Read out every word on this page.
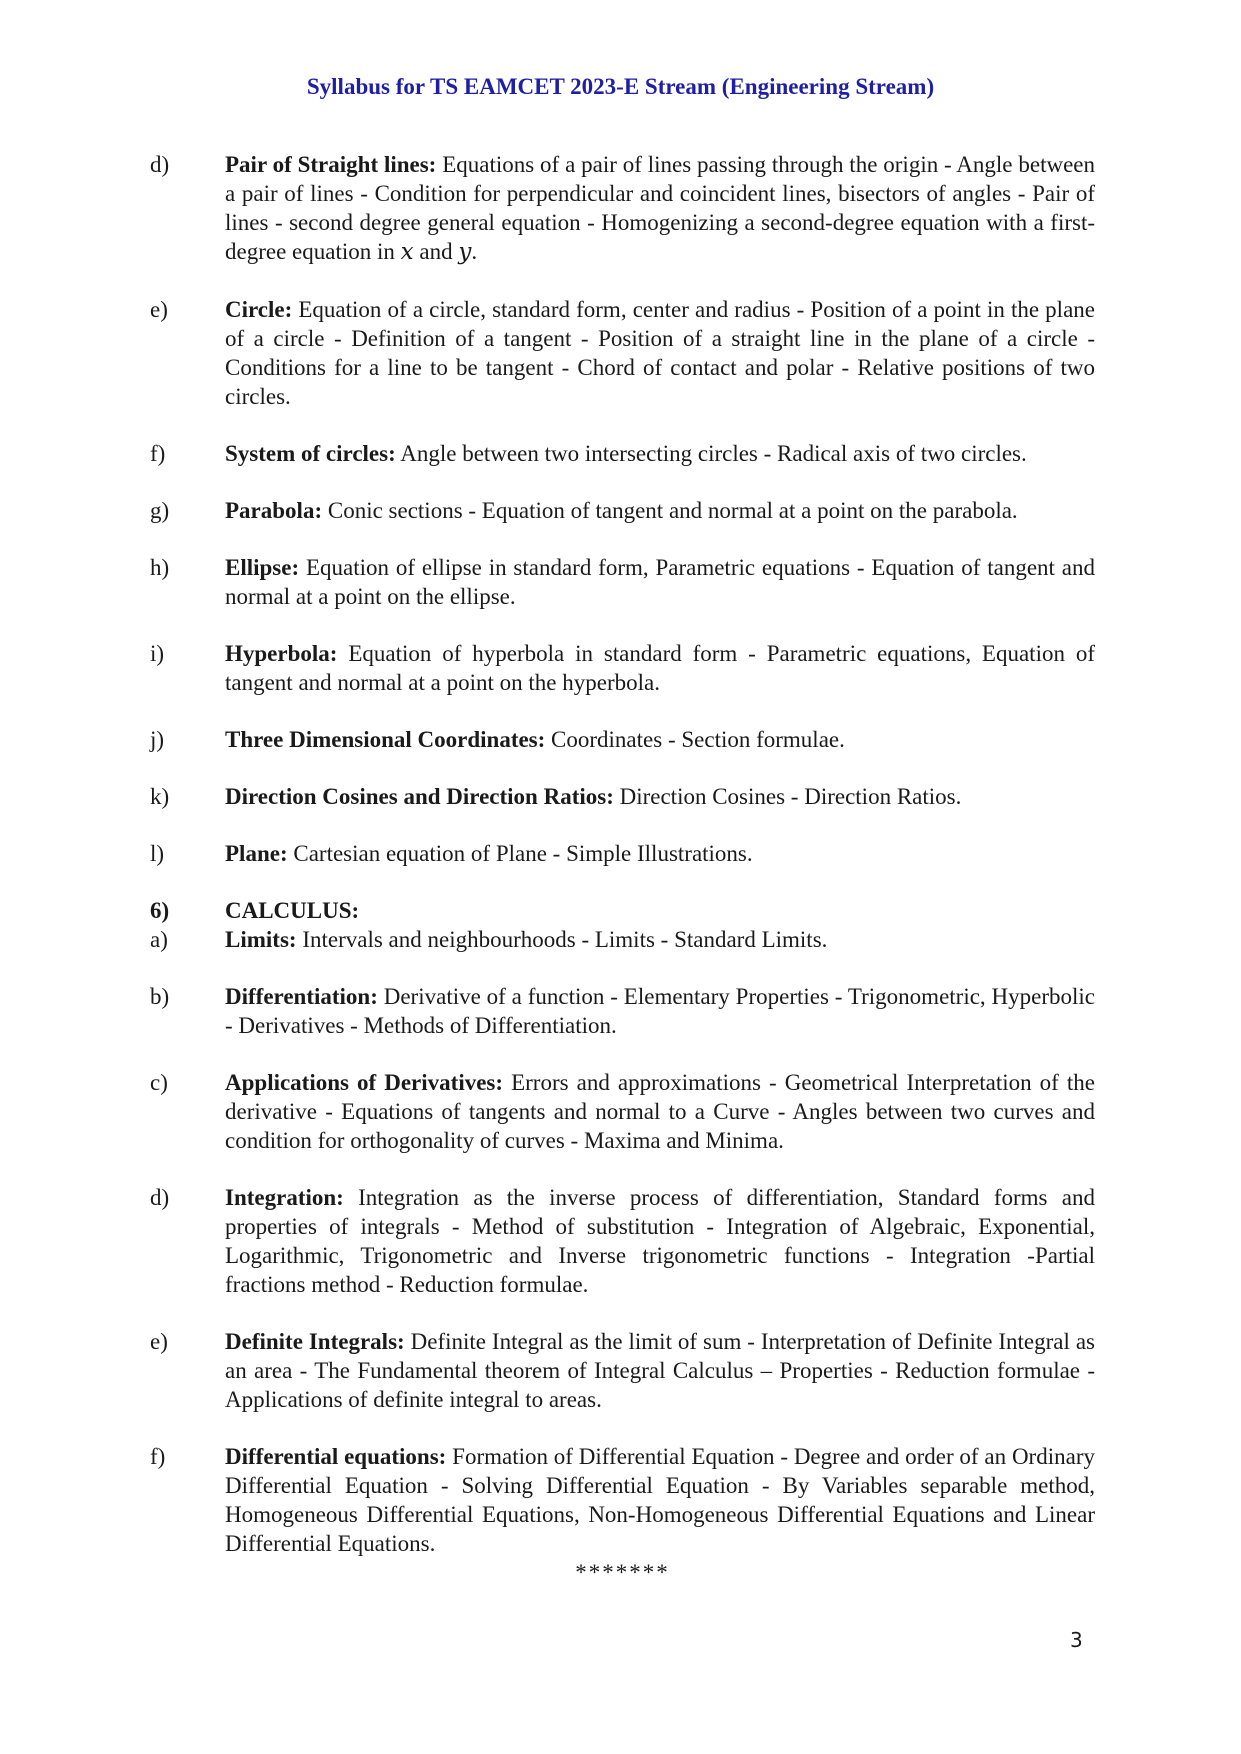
Syllabus for TS EAMCET 2023-E Stream (Engineering Stream)
d)	Pair of Straight lines: Equations of a pair of lines passing through the origin - Angle between a pair of lines - Condition for perpendicular and coincident lines, bisectors of angles - Pair of lines - second degree general equation - Homogenizing a second-degree equation with a first-degree equation in x and y.
e)	Circle: Equation of a circle, standard form, center and radius - Position of a point in the plane of a circle - Definition of a tangent - Position of a straight line in the plane of a circle - Conditions for a line to be tangent - Chord of contact and polar - Relative positions of two circles.
f)	System of circles: Angle between two intersecting circles - Radical axis of two circles.
g)	Parabola: Conic sections - Equation of tangent and normal at a point on the parabola.
h)	Ellipse: Equation of ellipse in standard form, Parametric equations - Equation of tangent and normal at a point on the ellipse.
i)	Hyperbola: Equation of hyperbola in standard form - Parametric equations, Equation of tangent and normal at a point on the hyperbola.
j)	Three Dimensional Coordinates: Coordinates - Section formulae.
k)	Direction Cosines and Direction Ratios: Direction Cosines - Direction Ratios.
l)	Plane: Cartesian equation of Plane - Simple Illustrations.
6)	CALCULUS:
a)	Limits: Intervals and neighbourhoods - Limits - Standard Limits.
b)	Differentiation: Derivative of a function - Elementary Properties - Trigonometric, Hyperbolic - Derivatives - Methods of Differentiation.
c)	Applications of Derivatives: Errors and approximations - Geometrical Interpretation of the derivative - Equations of tangents and normal to a Curve - Angles between two curves and condition for orthogonality of curves - Maxima and Minima.
d)	Integration: Integration as the inverse process of differentiation, Standard forms and properties of integrals - Method of substitution - Integration of Algebraic, Exponential, Logarithmic, Trigonometric and Inverse trigonometric functions - Integration -Partial fractions method - Reduction formulae.
e)	Definite Integrals: Definite Integral as the limit of sum - Interpretation of Definite Integral as an area - The Fundamental theorem of Integral Calculus – Properties - Reduction formulae - Applications of definite integral to areas.
f)	Differential equations: Formation of Differential Equation - Degree and order of an Ordinary Differential Equation - Solving Differential Equation - By Variables separable method, Homogeneous Differential Equations, Non-Homogeneous Differential Equations and Linear Differential Equations.
*******
3
